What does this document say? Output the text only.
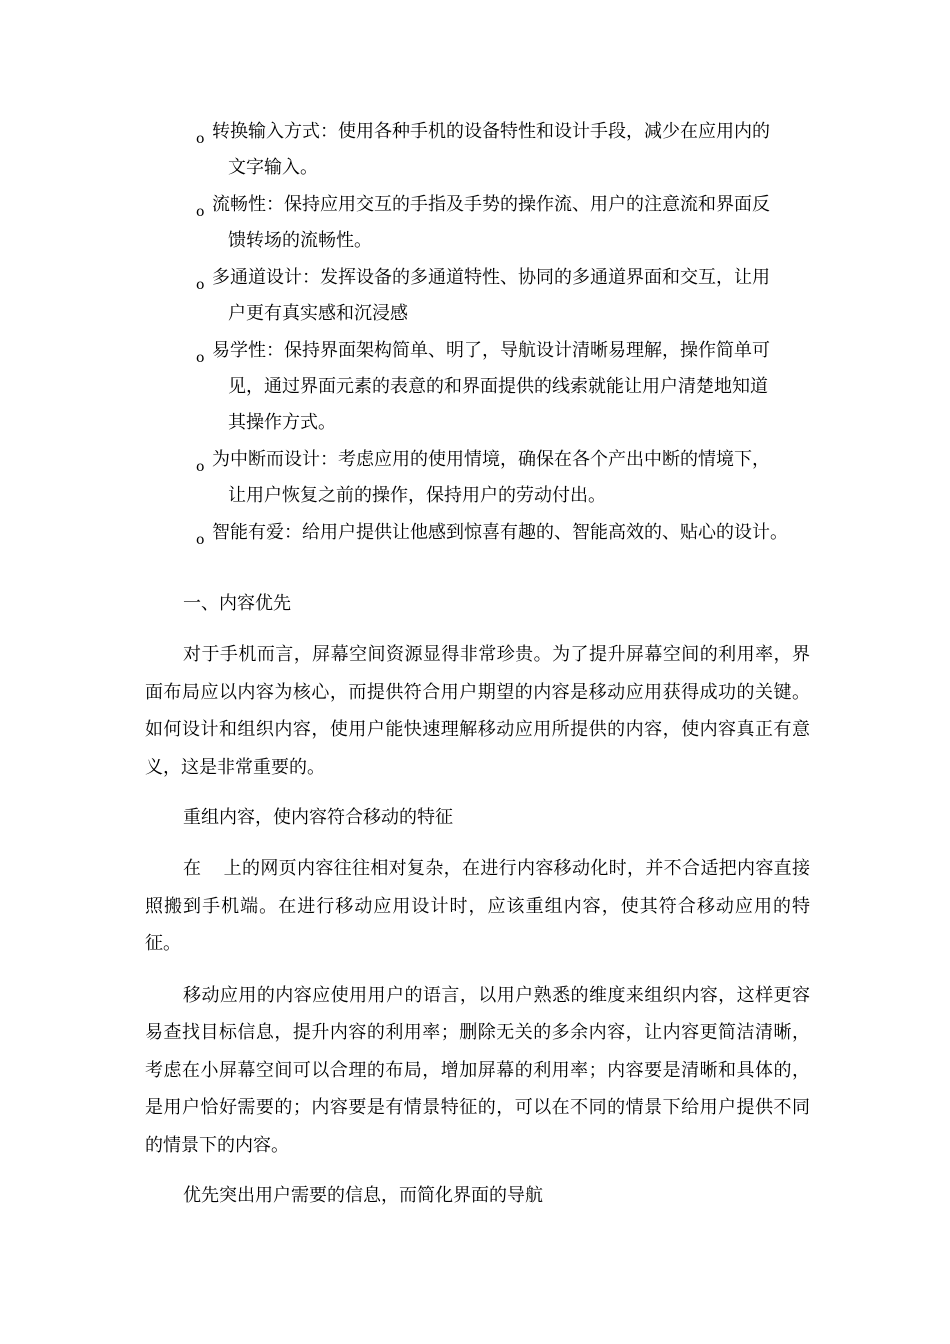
o 转换输入方式：使用各种手机的设备特性和设计手段，减少在应用内的
文字输入。
o 流畅性：保持应用交互的手指及手势的操作流、用户的注意流和界面反
馈转场的流畅性。
o 多通道设计：发挥设备的多通道特性、协同的多通道界面和交互，让用
户更有真实感和沉浸感
o 易学性：保持界面架构简单、明了，导航设计清晰易理解，操作简单可
见，通过界面元素的表意的和界面提供的线索就能让用户清楚地知道
其操作方式。
o 为中断而设计：考虑应用的使用情境，确保在各个产出中断的情境下，
让用户恢复之前的操作，保持用户的劳动付出。
o 智能有爱：给用户提供让他感到惊喜有趣的、智能高效的、贴心的设计。

一、内容优先

对于手机而言，屏幕空间资源显得非常珍贵。为了提升屏幕空间的利用率，界面布局应以内容为核心，而提供符合用户期望的内容是移动应用获得成功的关键。如何设计和组织内容，使用户能快速理解移动应用所提供的内容，使内容真正有意义，这是非常重要的。

重组内容，使内容符合移动的特征

在 上的网页内容往往相对复杂，在进行内容移动化时，并不合适把内容直接照搬到手机端。在进行移动应用设计时，应该重组内容，使其符合移动应用的特征。

移动应用的内容应使用用户的语言，以用户熟悉的维度来组织内容，这样更容易查找目标信息，提升内容的利用率；删除无关的多余内容，让内容更简洁清晰，考虑在小屏幕空间可以合理的布局，增加屏幕的利用率；内容要是清晰和具体的，是用户恰好需要的；内容要是有情景特征的，可以在不同的情景下给用户提供不同的情景下的内容。

优先突出用户需要的信息，而简化界面的导航
